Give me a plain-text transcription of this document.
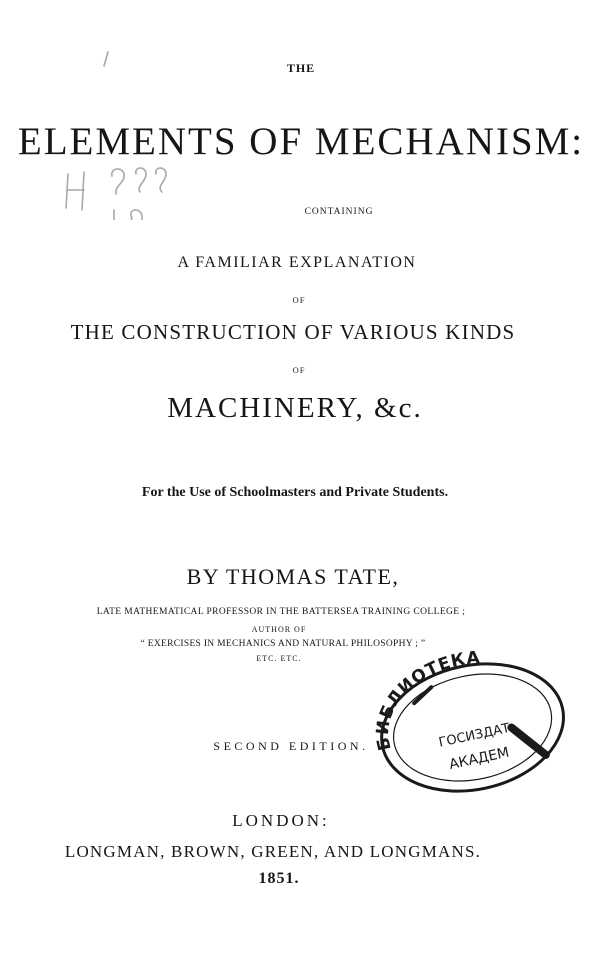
THE
ELEMENTS OF MECHANISM:
CONTAINING
A FAMILIAR EXPLANATION
OF
THE CONSTRUCTION OF VARIOUS KINDS
OF
MACHINERY, &c.
For the Use of Schoolmasters and Private Students.
BY THOMAS TATE,
LATE MATHEMATICAL PROFESSOR IN THE BATTERSEA TRAINING COLLEGE ;
AUTHOR OF
“ EXERCISES IN MECHANICS AND NATURAL PHILOSOPHY ; ”
ETC. ETC.
SECOND EDITION.
LONDON:
LONGMAN, BROWN, GREEN, AND LONGMANS.
1851.
БИБЛИОТЕКА
ГОСИЗДАТ
АКАДЕМ
